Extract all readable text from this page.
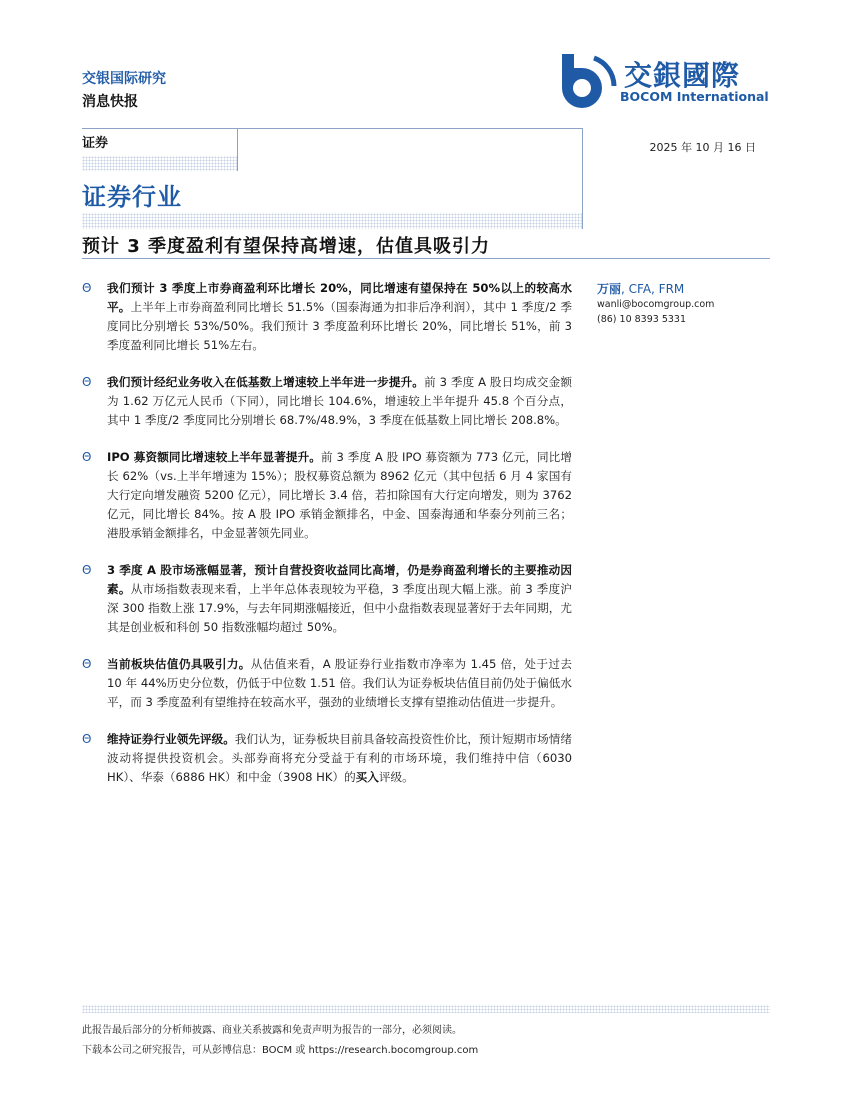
交银国际研究
消息快报
交銀國際
BOCOM International
证券	2025 年 10 月 16 日
证券行业
预计 3 季度盈利有望保持高增速，估值具吸引力
Θ 我们预计 3 季度上市券商盈利环比增长 20%，同比增速有望保持在 50%以上的较高水平。上半年上市券商盈利同比增长 51.5%（国泰海通为扣非后净利润），其中 1 季度/2 季度同比分别增长 53%/50%。我们预计 3 季度盈利环比增长 20%，同比增长 51%，前 3 季度盈利同比增长 51%左右。
Θ 我们预计经纪业务收入在低基数上增速较上半年进一步提升。前 3 季度 A 股日均成交金额为 1.62 万亿元人民币（下同），同比增长 104.6%，增速较上半年提升 45.8 个百分点，其中 1 季度/2 季度同比分别增长 68.7%/48.9%，3 季度在低基数上同比增长 208.8%。
Θ IPO 募资额同比增速较上半年显著提升。前 3 季度 A 股 IPO 募资额为 773 亿元，同比增长 62%（vs.上半年增速为 15%）；股权募资总额为 8962 亿元（其中包括 6 月 4 家国有大行定向增发融资 5200 亿元），同比增长 3.4 倍，若扣除国有大行定向增发，则为 3762 亿元，同比增长 84%。按 A 股 IPO 承销金额排名，中金、国泰海通和华泰分列前三名；港股承销金额排名，中金显著领先同业。
Θ 3 季度 A 股市场涨幅显著，预计自营投资收益同比高增，仍是券商盈利增长的主要推动因素。从市场指数表现来看，上半年总体表现较为平稳，3 季度出现大幅上涨。前 3 季度沪深 300 指数上涨 17.9%，与去年同期涨幅接近，但中小盘指数表现显著好于去年同期，尤其是创业板和科创 50 指数涨幅均超过 50%。
Θ 当前板块估值仍具吸引力。从估值来看，A 股证券行业指数市净率为 1.45 倍，处于过去 10 年 44%历史分位数，仍低于中位数 1.51 倍。我们认为证券板块估值目前仍处于偏低水平，而 3 季度盈利有望维持在较高水平，强劲的业绩增长支撑有望推动估值进一步提升。
Θ 维持证券行业领先评级。我们认为，证券板块目前具备较高投资性价比，预计短期市场情绪波动将提供投资机会。头部券商将充分受益于有利的市场环境，我们维持中信（6030 HK）、华泰（6886 HK）和中金（3908 HK）的买入评级。
万丽, CFA, FRM
wanli@bocomgroup.com
(86) 10 8393 5331
此报告最后部分的分析师披露、商业关系披露和免责声明为报告的一部分，必须阅读。
下载本公司之研究报告，可从彭博信息：BOCM 或 https://research.bocomgroup.com
